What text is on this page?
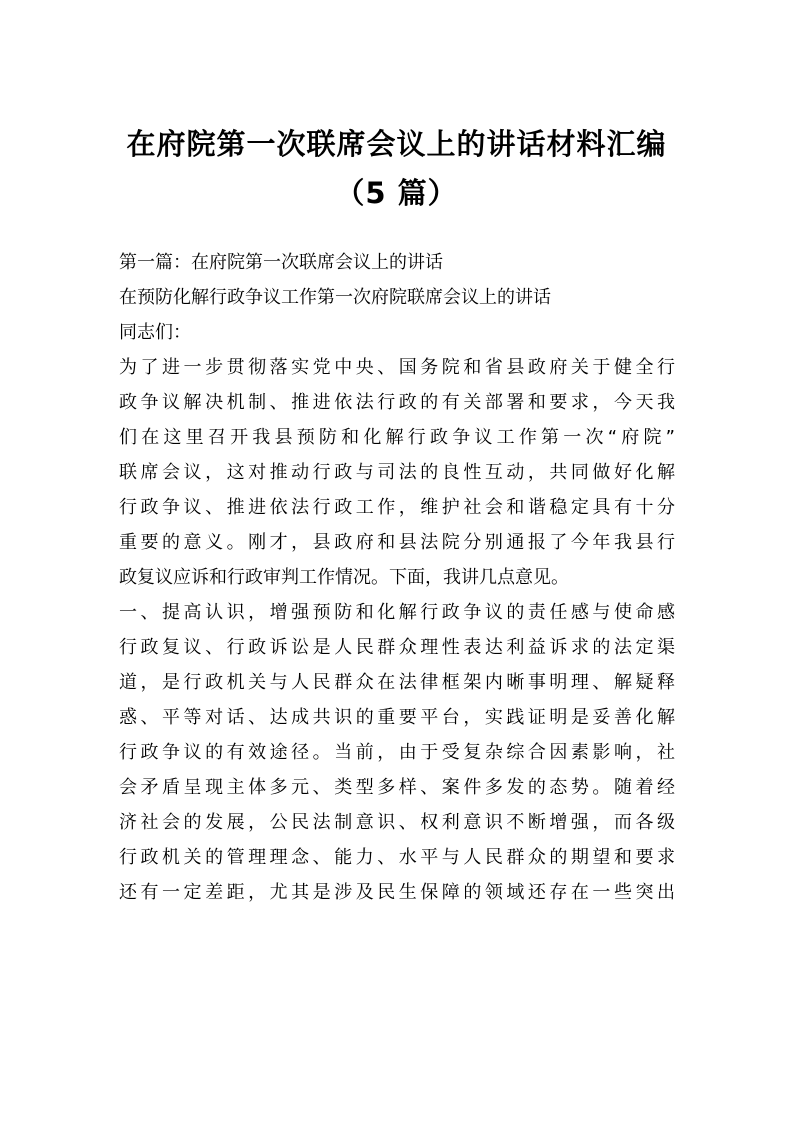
在府院第一次联席会议上的讲话材料汇编
（5 篇）
第一篇：在府院第一次联席会议上的讲话
在预防化解行政争议工作第一次府院联席会议上的讲话
同志们：
为了进一步贯彻落实党中央、国务院和省县政府关于健全行
政争议解决机制、推进依法行政的有关部署和要求，今天我
们在这里召开我县预防和化解行政争议工作第一次“府院”
联席会议，这对推动行政与司法的良性互动，共同做好化解
行政争议、推进依法行政工作，维护社会和谐稳定具有十分
重要的意义。刚才，县政府和县法院分别通报了今年我县行
政复议应诉和行政审判工作情况。下面，我讲几点意见。
一、提高认识，增强预防和化解行政争议的责任感与使命感
行政复议、行政诉讼是人民群众理性表达利益诉求的法定渠
道，是行政机关与人民群众在法律框架内晰事明理、解疑释
惑、平等对话、达成共识的重要平台，实践证明是妥善化解
行政争议的有效途径。当前，由于受复杂综合因素影响，社
会矛盾呈现主体多元、类型多样、案件多发的态势。随着经
济社会的发展，公民法制意识、权利意识不断增强，而各级
行政机关的管理理念、能力、水平与人民群众的期望和要求
还有一定差距，尤其是涉及民生保障的领域还存在一些突出
